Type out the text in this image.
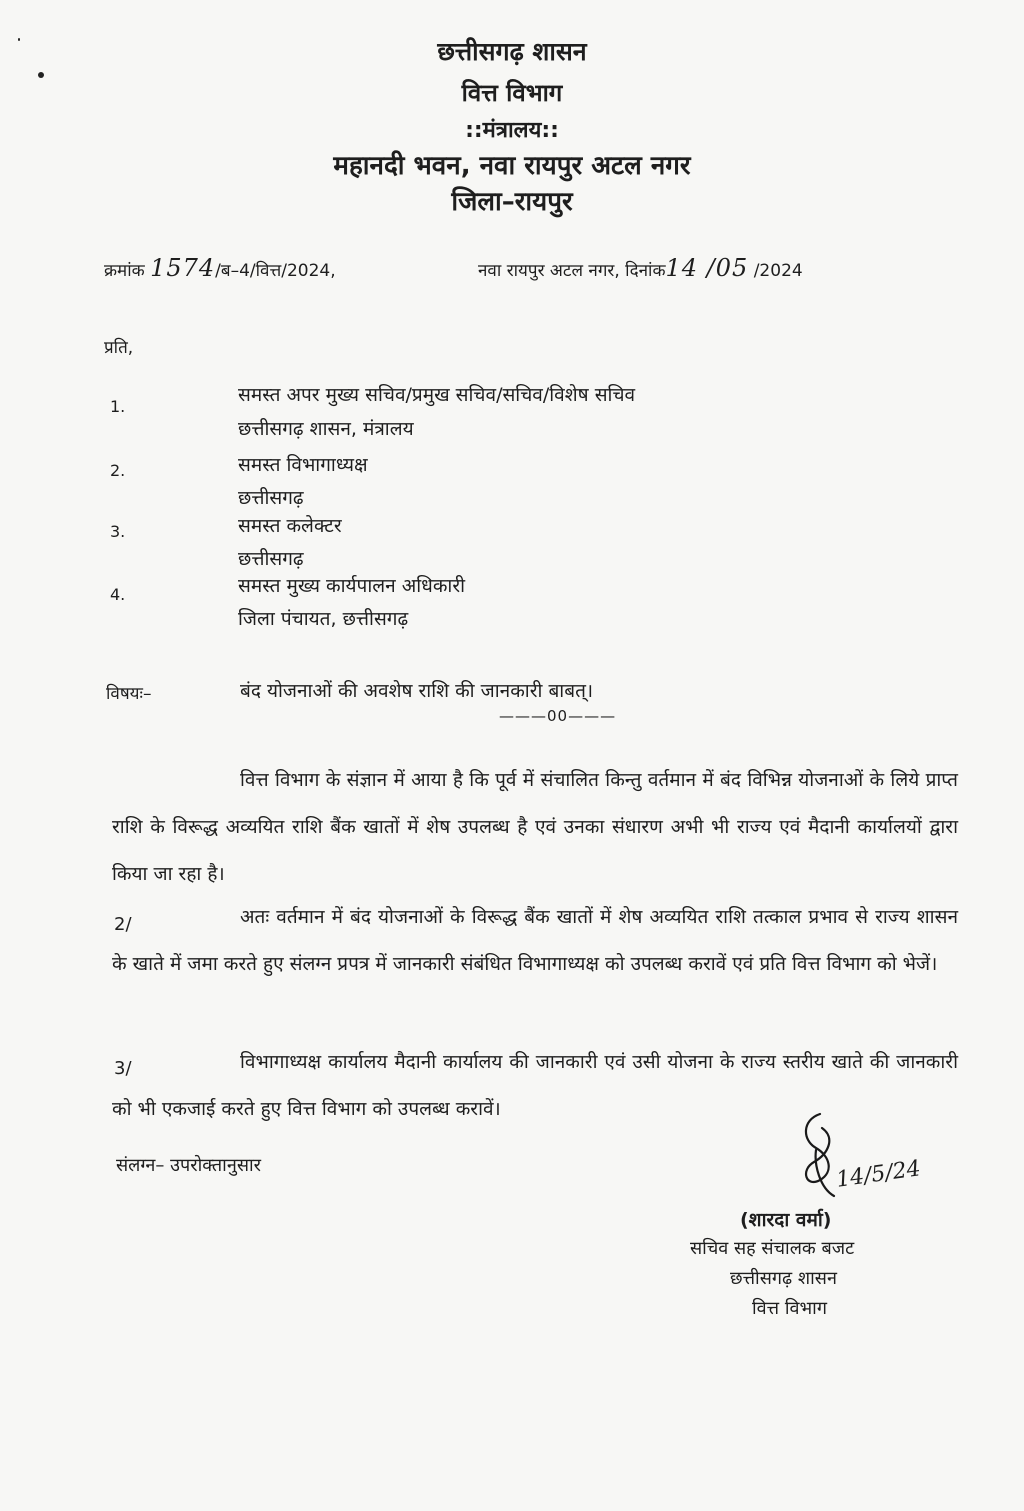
छत्तीसगढ़ शासन
वित्त विभाग
::मंत्रालय::
महानदी भवन, नवा रायपुर अटल नगर
जिला–रायपुर
क्रमांक 1574/ब–4/वित्त/2024,	नवा रायपुर अटल नगर, दिनांक14 /05 /2024
प्रति,
1.
समस्त अपर मुख्य सचिव/प्रमुख सचिव/सचिव/विशेष सचिव
छत्तीसगढ़ शासन, मंत्रालय
2.	समस्त विभागाध्यक्ष
छत्तीसगढ़
3.	समस्त कलेक्टर
छत्तीसगढ़
4.	समस्त मुख्य कार्यपालन अधिकारी
जिला पंचायत, छत्तीसगढ़
विषयः–	बंद योजनाओं की अवशेष राशि की जानकारी बाबत्।
———00———
वित्त विभाग के संज्ञान में आया है कि पूर्व में संचालित किन्तु वर्तमान में बंद विभिन्न योजनाओं के लिये प्राप्त राशि के विरूद्ध अव्ययित राशि बैंक खातों में शेष उपलब्ध है एवं उनका संधारण अभी भी राज्य एवं मैदानी कार्यालयों द्वारा किया जा रहा है।
2/	अतः वर्तमान में बंद योजनाओं के विरूद्ध बैंक खातों में शेष अव्ययित राशि तत्काल प्रभाव से राज्य शासन के खाते में जमा करते हुए संलग्न प्रपत्र में जानकारी संबंधित विभागाध्यक्ष को उपलब्ध करावें एवं प्रति वित्त विभाग को भेजें।
3/	विभागाध्यक्ष कार्यालय मैदानी कार्यालय की जानकारी एवं उसी योजना के राज्य स्तरीय खाते की जानकारी को भी एकजाई करते हुए वित्त विभाग को उपलब्ध करावें।
संलग्न– उपरोक्तानुसार	14/5/24
(शारदा वर्मा)
सचिव सह संचालक बजट
छत्तीसगढ़ शासन
वित्त विभाग
